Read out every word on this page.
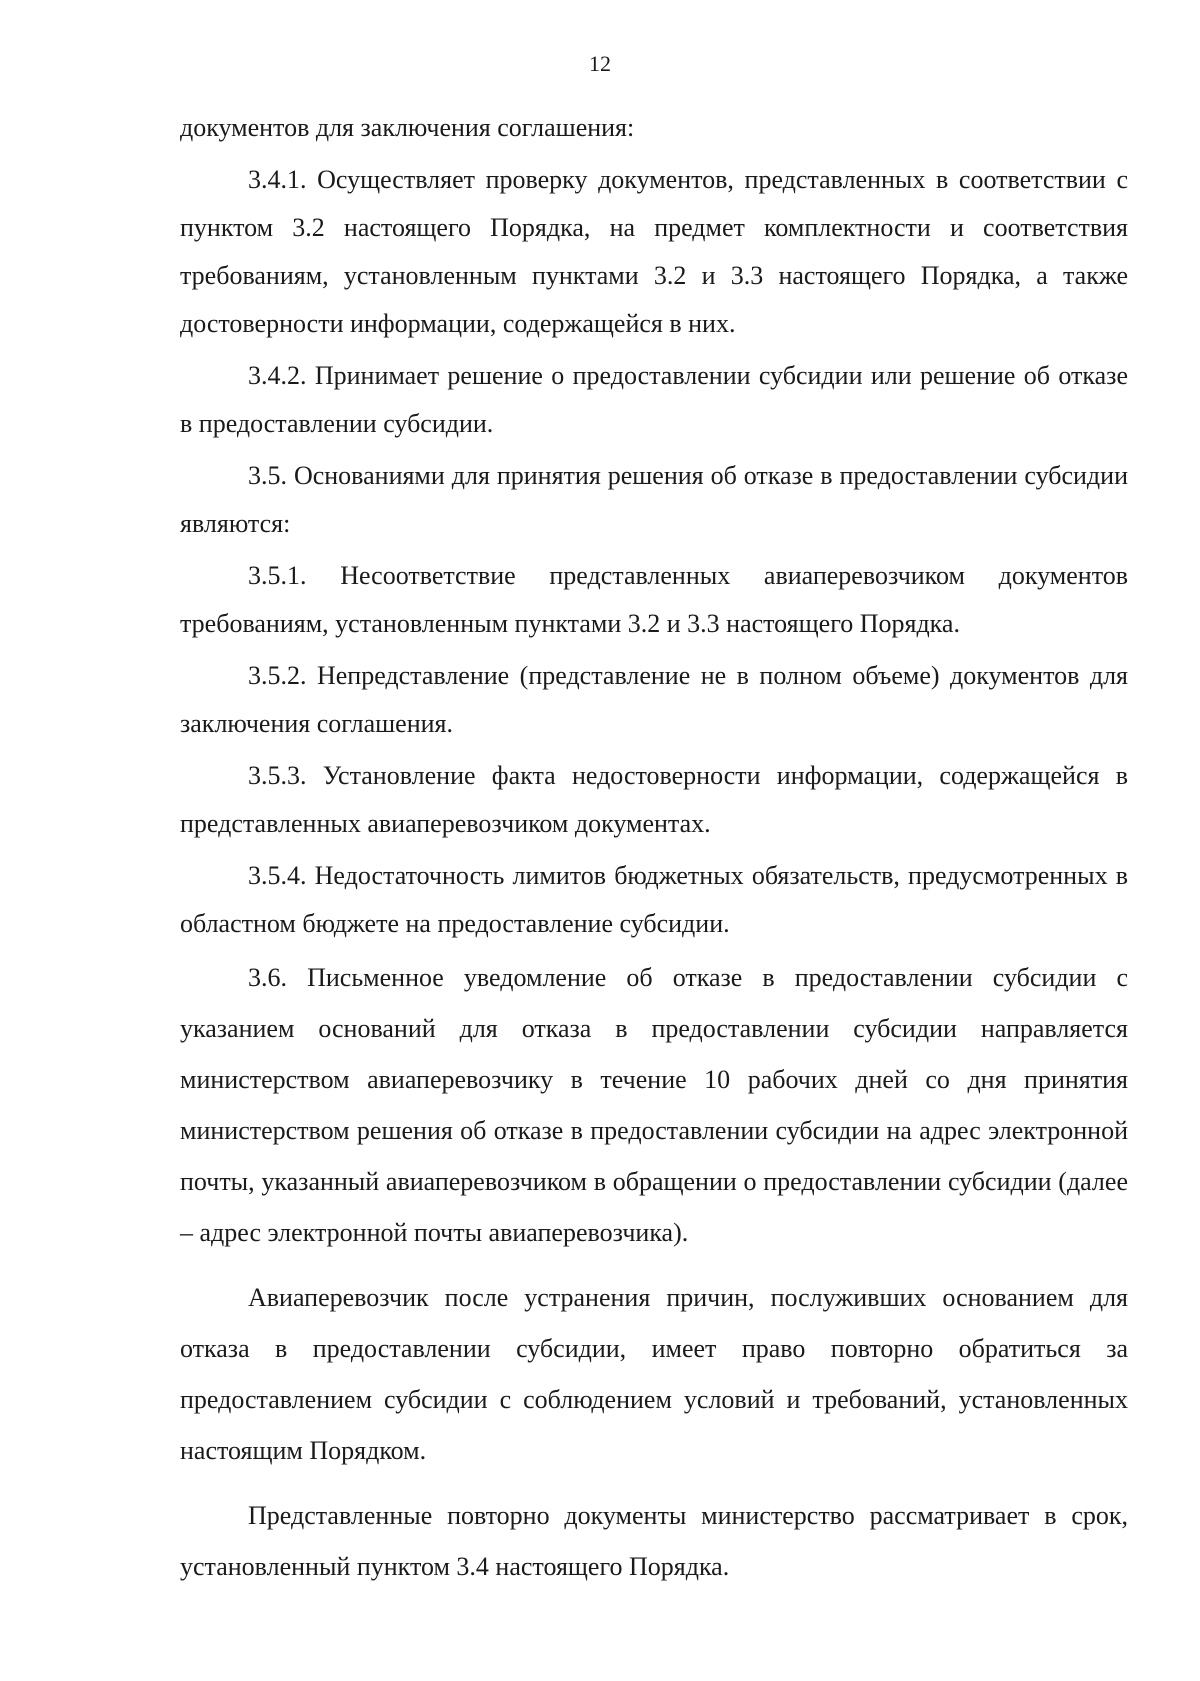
12

документов для заключения соглашения:

3.4.1. Осуществляет проверку документов, представленных в соответствии с пунктом 3.2 настоящего Порядка, на предмет комплектности и соответствия требованиям, установленным пунктами 3.2 и 3.3 настоящего Порядка, а также достоверности информации, содержащейся в них.

3.4.2. Принимает решение о предоставлении субсидии или решение об отказе в предоставлении субсидии.

3.5. Основаниями для принятия решения об отказе в предоставлении субсидии являются:

3.5.1. Несоответствие представленных авиаперевозчиком документов требованиям, установленным пунктами 3.2 и 3.3 настоящего Порядка.

3.5.2. Непредставление (представление не в полном объеме) документов для заключения соглашения.

3.5.3. Установление факта недостоверности информации, содержащейся в представленных авиаперевозчиком документах.

3.5.4. Недостаточность лимитов бюджетных обязательств, предусмотренных в областном бюджете на предоставление субсидии.

3.6. Письменное уведомление об отказе в предоставлении субсидии с указанием оснований для отказа в предоставлении субсидии направляется министерством авиаперевозчику в течение 10 рабочих дней со дня принятия министерством решения об отказе в предоставлении субсидии на адрес электронной почты, указанный авиаперевозчиком в обращении о предоставлении субсидии (далее – адрес электронной почты авиаперевозчика).

Авиаперевозчик после устранения причин, послуживших основанием для отказа в предоставлении субсидии, имеет право повторно обратиться за предоставлением субсидии с соблюдением условий и требований, установленных настоящим Порядком.

Представленные повторно документы министерство рассматривает в срок, установленный пунктом 3.4 настоящего Порядка.
